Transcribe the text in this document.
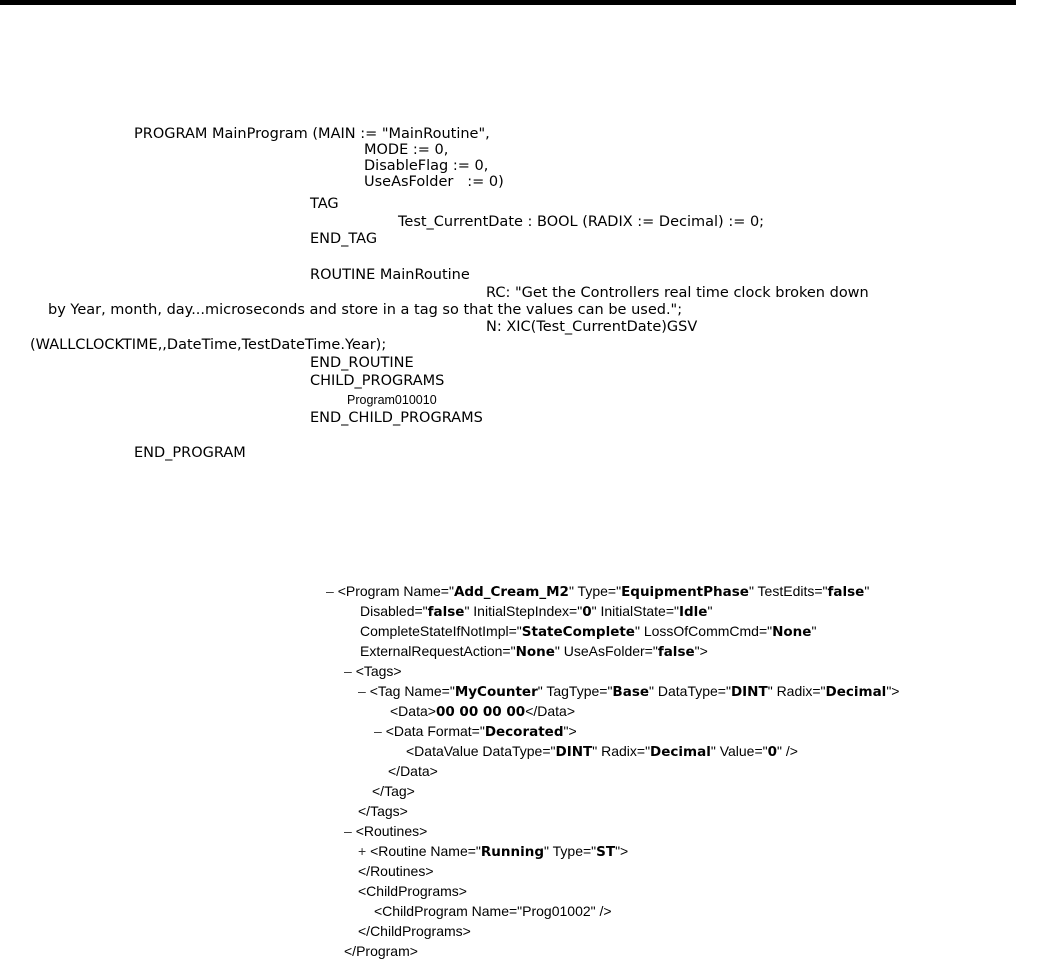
PROGRAM MainProgram (MAIN := "MainRoutine",
MODE := 0,
DisableFlag := 0,
UseAsFolder   := 0)
TAG
Test_CurrentDate : BOOL (RADIX := Decimal) := 0;
END_TAG
ROUTINE MainRoutine
RC: "Get the Controllers real time clock broken down
by Year, month, day...microseconds and store in a tag so that the values can be used.";
N: XIC(Test_CurrentDate)GSV
(WALLCLOCKTIME,,DateTime,TestDateTime.Year);
END_ROUTINE
CHILD_PROGRAMS
Program010010
END_CHILD_PROGRAMS
END_PROGRAM
– <Program Name="Add_Cream_M2" Type="EquipmentPhase" TestEdits="false"
Disabled="false" InitialStepIndex="0" InitialState="Idle"
CompleteStateIfNotImpl="StateComplete" LossOfCommCmd="None"
ExternalRequestAction="None" UseAsFolder="false">
– <Tags>
– <Tag Name="MyCounter" TagType="Base" DataType="DINT" Radix="Decimal">
<Data>00 00 00 00</Data>
– <Data Format="Decorated">
<DataValue DataType="DINT" Radix="Decimal" Value="0" />
</Data>
</Tag>
</Tags>
– <Routines>
+ <Routine Name="Running" Type="ST">
</Routines>
<ChildPrograms>
<ChildProgram Name="Prog01002" />
</ChildPrograms>
</Program>
